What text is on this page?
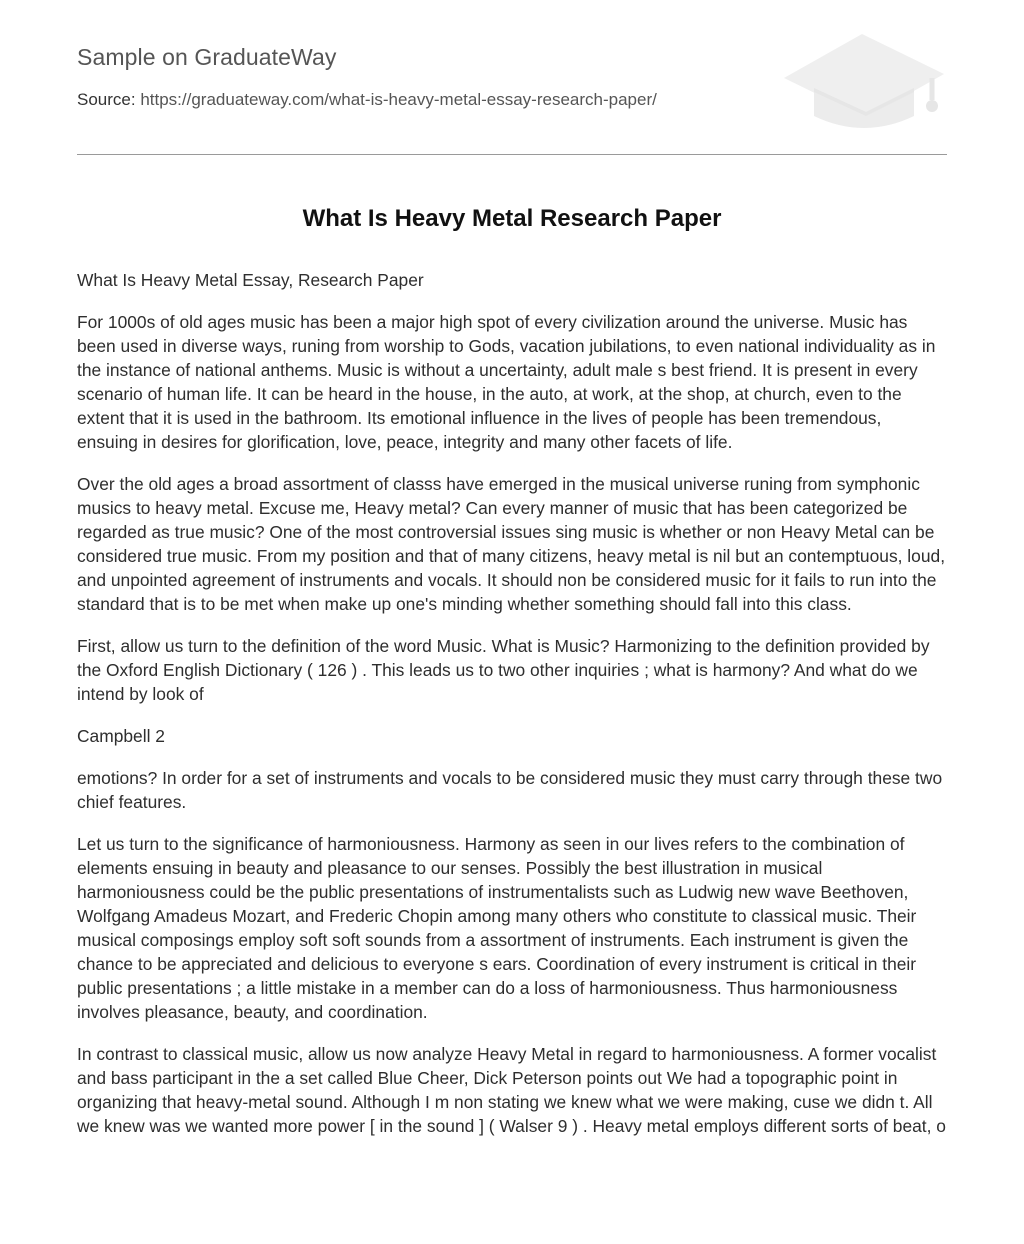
Sample on GraduateWay

Source: https://graduateway.com/what-is-heavy-metal-essay-research-paper/

What Is Heavy Metal Research Paper

What Is Heavy Metal Essay, Research Paper

For 1000s of old ages music has been a major high spot of every civilization around the universe. Music has been used in diverse ways, runing from worship to Gods, vacation jubilations, to even national individuality as in the instance of national anthems. Music is without a uncertainty, adult male s best friend. It is present in every scenario of human life. It can be heard in the house, in the auto, at work, at the shop, at church, even to the extent that it is used in the bathroom. Its emotional influence in the lives of people has been tremendous, ensuing in desires for glorification, love, peace, integrity and many other facets of life.

Over the old ages a broad assortment of classs have emerged in the musical universe runing from symphonic musics to heavy metal. Excuse me, Heavy metal? Can every manner of music that has been categorized be regarded as true music? One of the most controversial issues sing music is whether or non Heavy Metal can be considered true music. From my position and that of many citizens, heavy metal is nil but an contemptuous, loud, and unpointed agreement of instruments and vocals. It should non be considered music for it fails to run into the standard that is to be met when make up one's minding whether something should fall into this class.

First, allow us turn to the definition of the word Music. What is Music? Harmonizing to the definition provided by the Oxford English Dictionary ( 126 ) . This leads us to two other inquiries ; what is harmony? And what do we intend by look of

Campbell 2

emotions? In order for a set of instruments and vocals to be considered music they must carry through these two chief features.

Let us turn to the significance of harmoniousness. Harmony as seen in our lives refers to the combination of elements ensuing in beauty and pleasance to our senses. Possibly the best illustration in musical harmoniousness could be the public presentations of instrumentalists such as Ludwig new wave Beethoven, Wolfgang Amadeus Mozart, and Frederic Chopin among many others who constitute to classical music. Their musical composings employ soft soft sounds from a assortment of instruments. Each instrument is given the chance to be appreciated and delicious to everyone s ears. Coordination of every instrument is critical in their public presentations ; a little mistake in a member can do a loss of harmoniousness. Thus harmoniousness involves pleasance, beauty, and coordination.

In contrast to classical music, allow us now analyze Heavy Metal in regard to harmoniousness. A former vocalist and bass participant in the a set called Blue Cheer, Dick Peterson points out We had a topographic point in organizing that heavy-metal sound. Although I m non stating we knew what we were making, cuse we didn t. All we knew was we wanted more power [ in the sound ] ( Walser 9 ) . Heavy metal employs different sorts of beat, o
